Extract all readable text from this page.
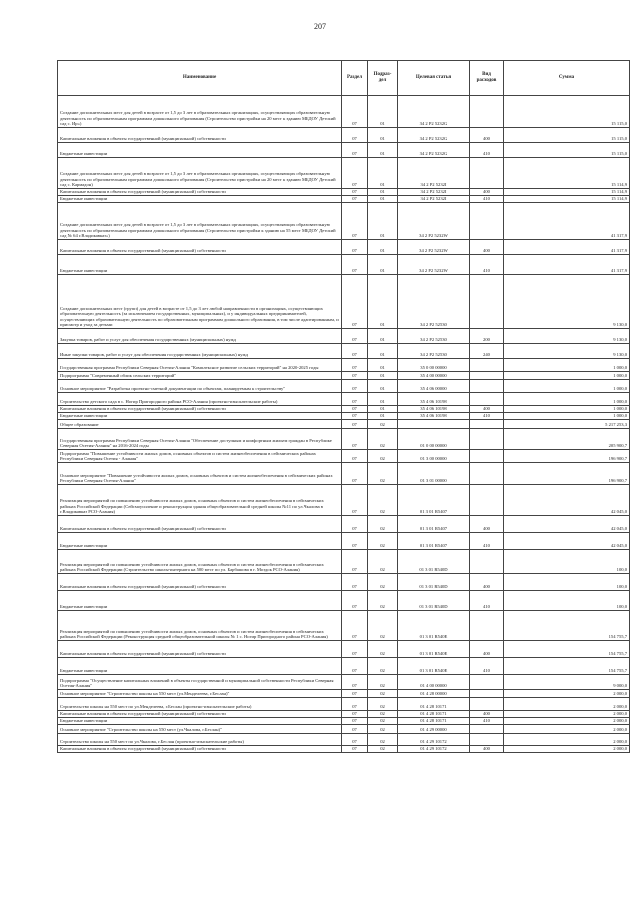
207
Наименование	Раздел	Подраз-дел	Целевая статья	Вид расходов	Сумма
Создание дополнительных мест для детей в возрасте от 1,5 до 3 лет в образовательных организациях, осуществляющих образовательную деятельность по образовательным программам дошкольного образования (Строительство пристройки на 20 мест к зданию МБДОУ Детский сад с. Ир»)	07	01	34 2 P2 5232G		15 115,0
Капитальные вложения в объекты государственной (муниципальной) собственности	07	01	34 2 P2 5232G	400	15 115,0
Бюджетные инвестиции	07	01	34 2 P2 5232G	410	15 115,0
Создание дополнительных мест для детей в возрасте от 1,5 до 3 лет в образовательных организациях, осуществляющих образовательную деятельность по образовательным программам дошкольного образования (Строительство пристройки на 20 мест к зданию МБДОУ Детский сад с. Кармадон)	07	01	34 2 P2 5232I		15 114,9
Капитальные вложения в объекты государственной (муниципальной) собственности	07	01	34 2 P2 5232I	400	15 114,9
Бюджетные инвестиции	07	01	34 2 P2 5232I	410	15 114,9
Создание дополнительных мест для детей в возрасте от 1,5 до 3 лет в образовательных организациях, осуществляющих образовательную деятельность по образовательным программам дошкольного образования (Строительство пристройки к зданию на 55 мест МБДОУ Детский сад № 64 г.Владикавказ»)	07	01	34 2 P2 5232W		41 317,9
Капитальные вложения в объекты государственной (муниципальной) собственности	07	01	34 2 P2 5232W	400	41 317,9
Бюджетные инвестиции	07	01	34 2 P2 5232W	410	41 317,9
Создание дополнительных мест (групп) для детей в возрасте от 1,5 до 3 лет любой направленности в организациях, осуществляющих образовательную деятельность (за исключением государственных, муниципальных), и у индивидуальных предпринимателей, осуществляющих образовательную деятельность по образовательным программам дошкольного образования, в том числе адаптированным, и присмотр и уход за детьми	07	01	34 2 P2 52530		9 130,0
Закупка товаров, работ и услуг для обеспечения государственных (муниципальных) нужд	07	01	34 2 P2 52530	200	9 130,0
Иные закупки товаров, работ и услуг для обеспечения государственных (муниципальных) нужд	07	01	34 2 P2 52530	240	9 130,0
Государственная программа Республики Северная Осетия-Алания "Комплексное развитие сельских территорий" на 2020-2025 годы	07	01	35 0 00 00000		1 000,0
Подпрограмма "Современный облик сельских территорий"	07	01	35 4 00 00000		1 000,0
Основное мероприятие "Разработка проектно-сметной документации по объектам, планируемым к строительству"	07	01	35 4 06 00000		1 000,0
Строительство детского сада в с. Ногир Пригородного района РСО-Алания (проектно-изыскательские работы)	07	01	35 4 06 10198		1 000,0
Капитальные вложения в объекты государственной (муниципальной) собственности	07	01	35 4 06 10198	400	1 000,0
Бюджетные инвестиции	07	01	35 4 06 10198	410	1 000,0
Общее образование	07	02			5 217 253,3
Государственная программа Республики Северная Осетия-Алания "Обеспечение доступным и комфортным жильем граждан в Республике Северная Осетия-Алания" на 2016-2024 годы	07	02	01 0 00 00000		205 900,7
Подпрограмма "Повышение устойчивости жилых домов, основных объектов и систем жизнеобеспечения в сейсмических районах Республики Северная Осетия - Алания"	07	02	01 3 00 00000		196 900,7
Основное мероприятие "Повышение устойчивости жилых домов, основных объектов и систем жизнеобеспечения в сейсмических районах Республики Северная Осетия-Алания"	07	02	01 3 01 00000		196 900,7
Реализация мероприятий по повышению устойчивости жилых домов, основных объектов и систем жизнеобеспечения в сейсмических районах Российской Федерации (Сейсмоусиление и реконструкция здания общеобразовательной средней школы №11 по ул.Чкалова в г.Владикавказ РСО-Алания)	07	02	01 3 01 R5407		42 045,0
Капитальные вложения в объекты государственной (муниципальной) собственности	07	02	01 3 01 R5407	400	42 045,0
Бюджетные инвестиции	07	02	01 3 01 R5407	410	42 045,0
Реализация мероприятий по повышению устойчивости жилых домов, основных объектов и систем жизнеобеспечения в сейсмических районах Российской Федерации (Строительство школы-интерната на 500 мест по ул. Барбашова в г. Моздок РСО-Алания)	07	02	01 3 01 R540D		100,0
Капитальные вложения в объекты государственной (муниципальной) собственности	07	02	01 3 01 R540D	400	100,0
Бюджетные инвестиции	07	02	01 3 01 R540D	410	100,0
Реализация мероприятий по повышению устойчивости жилых домов, основных объектов и систем жизнеобеспечения в сейсмических районах Российской Федерации (Реконструкция средней общеобразовательной школы № 1 с. Ногир Пригородного района РСО-Алания)	07	02	01 3 01 R540E		154 755,7
Капитальные вложения в объекты государственной (муниципальной) собственности	07	02	01 3 01 R540E	400	154 755,7
Бюджетные инвестиции	07	02	01 3 01 R540E	410	154 755,7
Подпрограмма "Осуществление капитальных вложений в объекты государственной и муниципальной собственности Республики Северная Осетия-Алания"	07	02	01 4 00 00000		9 000,0
Основное мероприятие "Строительство школы на 550 мест (ул.Менделеева, г.Беслан)"	07	02	01 4 28 00000		2 000,0
Строительство школы на 550 мест по ул.Менделеева, г.Беслан (проектно-изыскательские работы)	07	02	01 4 28 10171		2 000,0
Капитальные вложения в объекты государственной (муниципальной) собственности	07	02	01 4 28 10171	400	2 000,0
Бюджетные инвестиции	07	02	01 4 28 10171	410	2 000,0
Основное мероприятие "Строительство школы на 550 мест (ул.Чкалова, г.Беслан)"	07	02	01 4 29 00000		2 000,0
Строительство школы на 550 мест по ул.Чкалова, г.Беслан (проектно-изыскательские работы)	07	02	01 4 29 10172		2 000,0
Капитальные вложения в объекты государственной (муниципальной) собственности	07	02	01 4 29 10172	400	2 000,0
